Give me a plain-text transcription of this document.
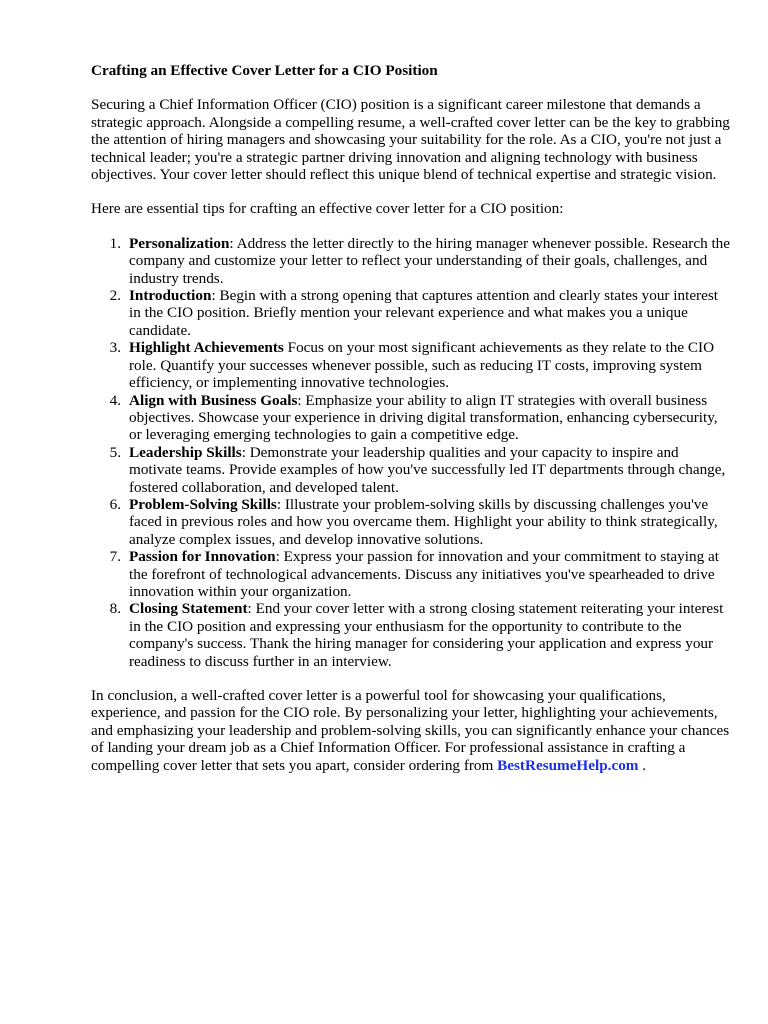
Crafting an Effective Cover Letter for a CIO Position

Securing a Chief Information Officer (CIO) position is a significant career milestone that demands a strategic approach. Alongside a compelling resume, a well-crafted cover letter can be the key to grabbing the attention of hiring managers and showcasing your suitability for the role. As a CIO, you're not just a technical leader; you're a strategic partner driving innovation and aligning technology with business objectives. Your cover letter should reflect this unique blend of technical expertise and strategic vision.

Here are essential tips for crafting an effective cover letter for a CIO position:

1. Personalization: Address the letter directly to the hiring manager whenever possible. Research the company and customize your letter to reflect your understanding of their goals, challenges, and industry trends.
2. Introduction: Begin with a strong opening that captures attention and clearly states your interest in the CIO position. Briefly mention your relevant experience and what makes you a unique candidate.
3. Highlight Achievements Focus on your most significant achievements as they relate to the CIO role. Quantify your successes whenever possible, such as reducing IT costs, improving system efficiency, or implementing innovative technologies.
4. Align with Business Goals: Emphasize your ability to align IT strategies with overall business objectives. Showcase your experience in driving digital transformation, enhancing cybersecurity, or leveraging emerging technologies to gain a competitive edge.
5. Leadership Skills: Demonstrate your leadership qualities and your capacity to inspire and motivate teams. Provide examples of how you've successfully led IT departments through change, fostered collaboration, and developed talent.
6. Problem-Solving Skills: Illustrate your problem-solving skills by discussing challenges you've faced in previous roles and how you overcame them. Highlight your ability to think strategically, analyze complex issues, and develop innovative solutions.
7. Passion for Innovation: Express your passion for innovation and your commitment to staying at the forefront of technological advancements. Discuss any initiatives you've spearheaded to drive innovation within your organization.
8. Closing Statement: End your cover letter with a strong closing statement reiterating your interest in the CIO position and expressing your enthusiasm for the opportunity to contribute to the company's success. Thank the hiring manager for considering your application and express your readiness to discuss further in an interview.

In conclusion, a well-crafted cover letter is a powerful tool for showcasing your qualifications, experience, and passion for the CIO role. By personalizing your letter, highlighting your achievements, and emphasizing your leadership and problem-solving skills, you can significantly enhance your chances of landing your dream job as a Chief Information Officer. For professional assistance in crafting a compelling cover letter that sets you apart, consider ordering from BestResumeHelp.com .
